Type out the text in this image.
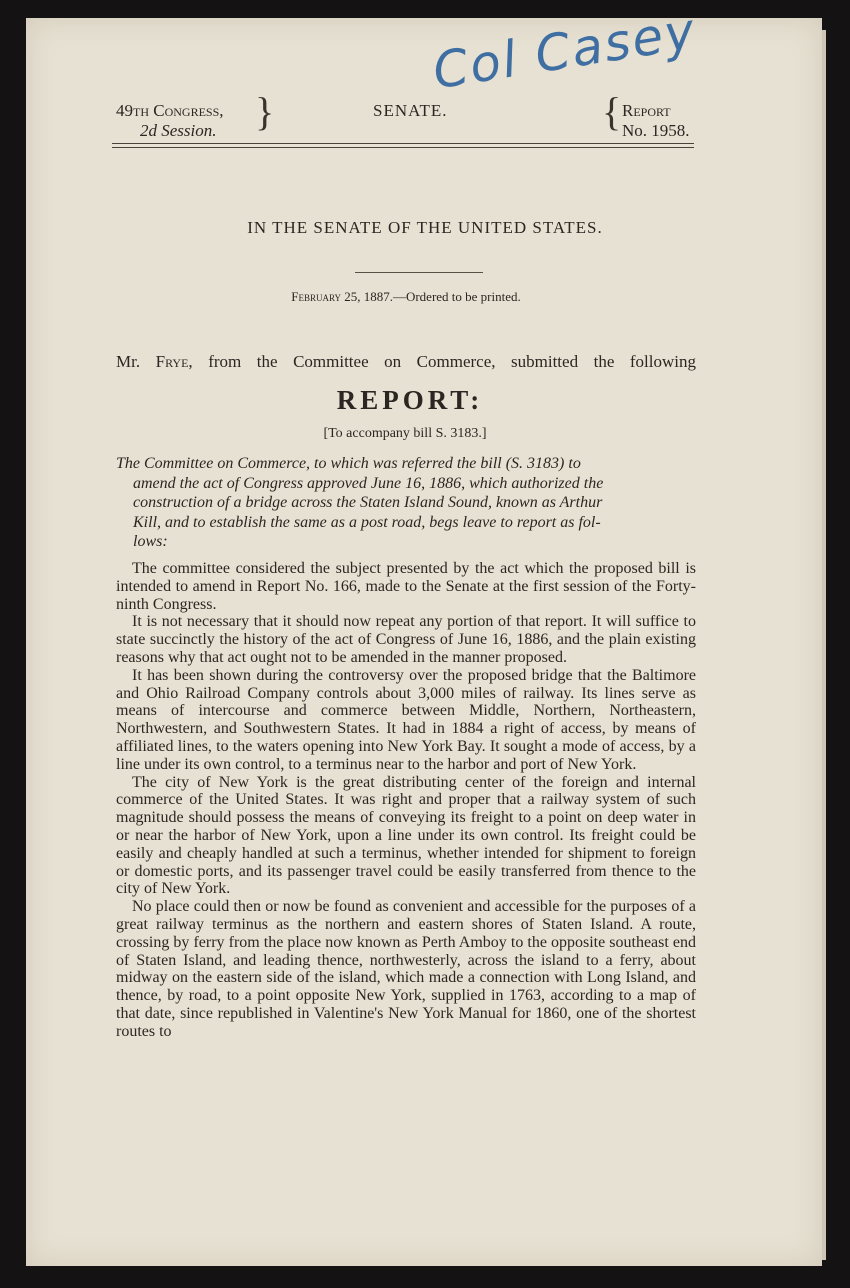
Col Casey
49th Congress,
2d Session. }	SENATE.	{ Report
No. 1958.
IN THE SENATE OF THE UNITED STATES.
February 25, 1887.—Ordered to be printed.
Mr. Frye, from the Committee on Commerce, submitted the following
REPORT:
[To accompany bill S. 3183.]
The Committee on Commerce, to which was referred the bill (S. 3183) to
amend the act of Congress approved June 16, 1886, which authorized the
construction of a bridge across the Staten Island Sound, known as Arthur
Kill, and to establish the same as a post road, begs leave to report as fol-
lows:

The committee considered the subject presented by the act which the proposed bill is intended to amend in Report No. 166, made to the Senate at the first session of the Forty-ninth Congress.

It is not necessary that it should now repeat any portion of that report. It will suffice to state succinctly the history of the act of Congress of June 16, 1886, and the plain existing reasons why that act ought not to be amended in the manner proposed.

It has been shown during the controversy over the proposed bridge that the Baltimore and Ohio Railroad Company controls about 3,000 miles of railway. Its lines serve as means of intercourse and commerce between Middle, Northern, Northeastern, Northwestern, and Southwestern States. It had in 1884 a right of access, by means of affiliated lines, to the waters opening into New York Bay. It sought a mode of access, by a line under its own control, to a terminus near to the harbor and port of New York.

The city of New York is the great distributing center of the foreign and internal commerce of the United States. It was right and proper that a railway system of such magnitude should possess the means of conveying its freight to a point on deep water in or near the harbor of New York, upon a line under its own control. Its freight could be easily and cheaply handled at such a terminus, whether intended for shipment to foreign or domestic ports, and its passenger travel could be easily transferred from thence to the city of New York.

No place could then or now be found as convenient and accessible for the purposes of a great railway terminus as the northern and eastern shores of Staten Island. A route, crossing by ferry from the place now known as Perth Amboy to the opposite southeast end of Staten Island, and leading thence, northwesterly, across the island to a ferry, about midway on the eastern side of the island, which made a connection with Long Island, and thence, by road, to a point opposite New York, supplied in 1763, according to a map of that date, since republished in Valentine's New York Manual for 1860, one of the shortest routes to
